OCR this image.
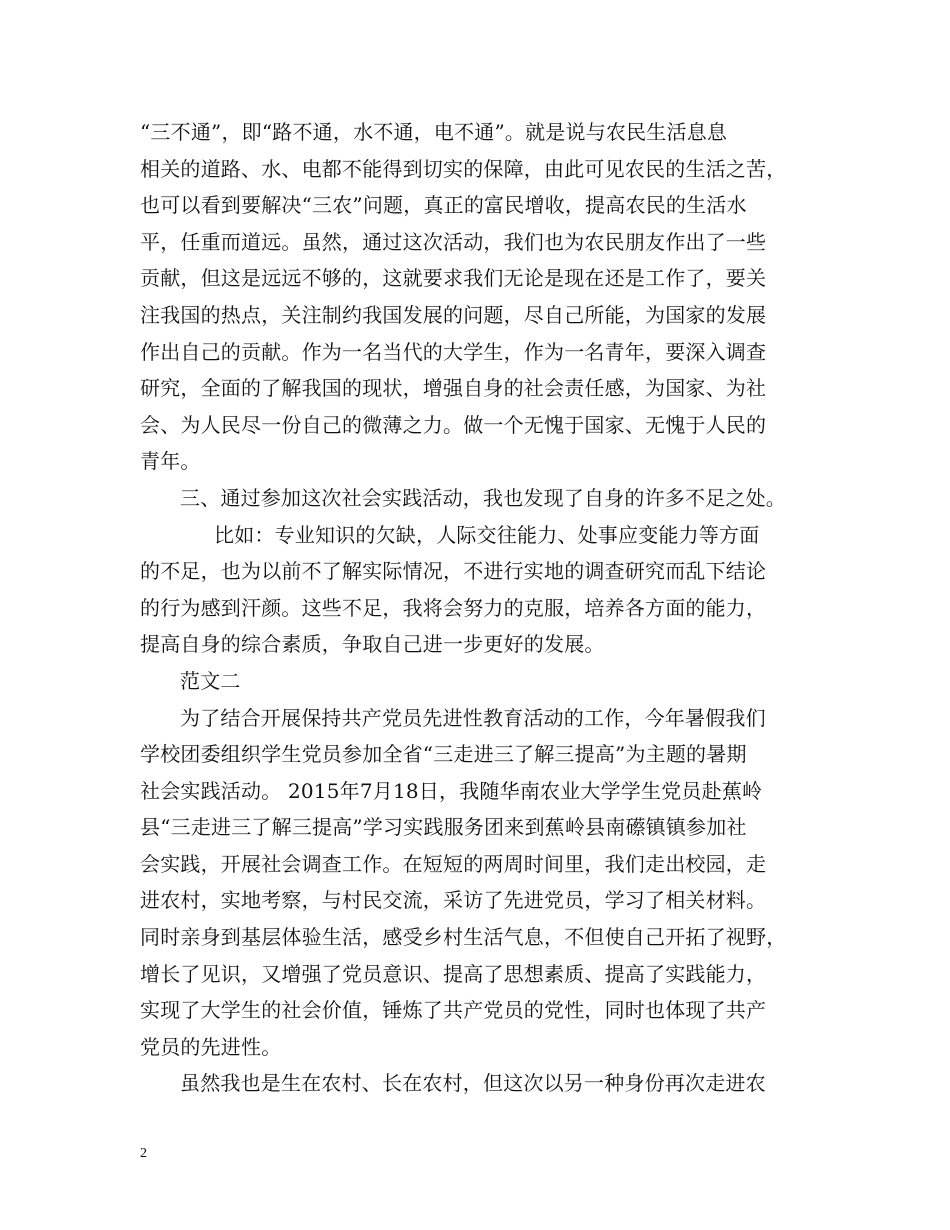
“三不通”，即“路不通，水不通，电不通”。就是说与农民生活息息
相关的道路、水、电都不能得到切实的保障，由此可见农民的生活之苦，
也可以看到要解决“三农”问题，真正的富民增收，提高农民的生活水
平，任重而道远。虽然，通过这次活动，我们也为农民朋友作出了一些
贡献，但这是远远不够的，这就要求我们无论是现在还是工作了，要关
注我国的热点，关注制约我国发展的问题，尽自己所能，为国家的发展
作出自己的贡献。作为一名当代的大学生，作为一名青年，要深入调查
研究，全面的了解我国的现状，增强自身的社会责任感，为国家、为社
会、为人民尽一份自己的微薄之力。做一个无愧于国家、无愧于人民的
青年。
三、通过参加这次社会实践活动，我也发现了自身的许多不足之处。
比如：专业知识的欠缺，人际交往能力、处事应变能力等方面
的不足，也为以前不了解实际情况，不进行实地的调查研究而乱下结论
的行为感到汗颜。这些不足，我将会努力的克服，培养各方面的能力，
提高自身的综合素质，争取自己进一步更好的发展。
范文二
为了结合开展保持共产党员先进性教育活动的工作，今年暑假我们
学校团委组织学生党员参加全省“三走进三了解三提高”为主题的暑期
社会实践活动。 2015年7月18日，我随华南农业大学学生党员赴蕉岭
县“三走进三了解三提高”学习实践服务团来到蕉岭县南礤镇镇参加社
会实践，开展社会调查工作。在短短的两周时间里，我们走出校园，走
进农村，实地考察，与村民交流，采访了先进党员，学习了相关材料。
同时亲身到基层体验生活，感受乡村生活气息，不但使自己开拓了视野，
增长了见识，又增强了党员意识、提高了思想素质、提高了实践能力，
实现了大学生的社会价值，锤炼了共产党员的党性，同时也体现了共产
党员的先进性。
虽然我也是生在农村、长在农村，但这次以另一种身份再次走进农
2
